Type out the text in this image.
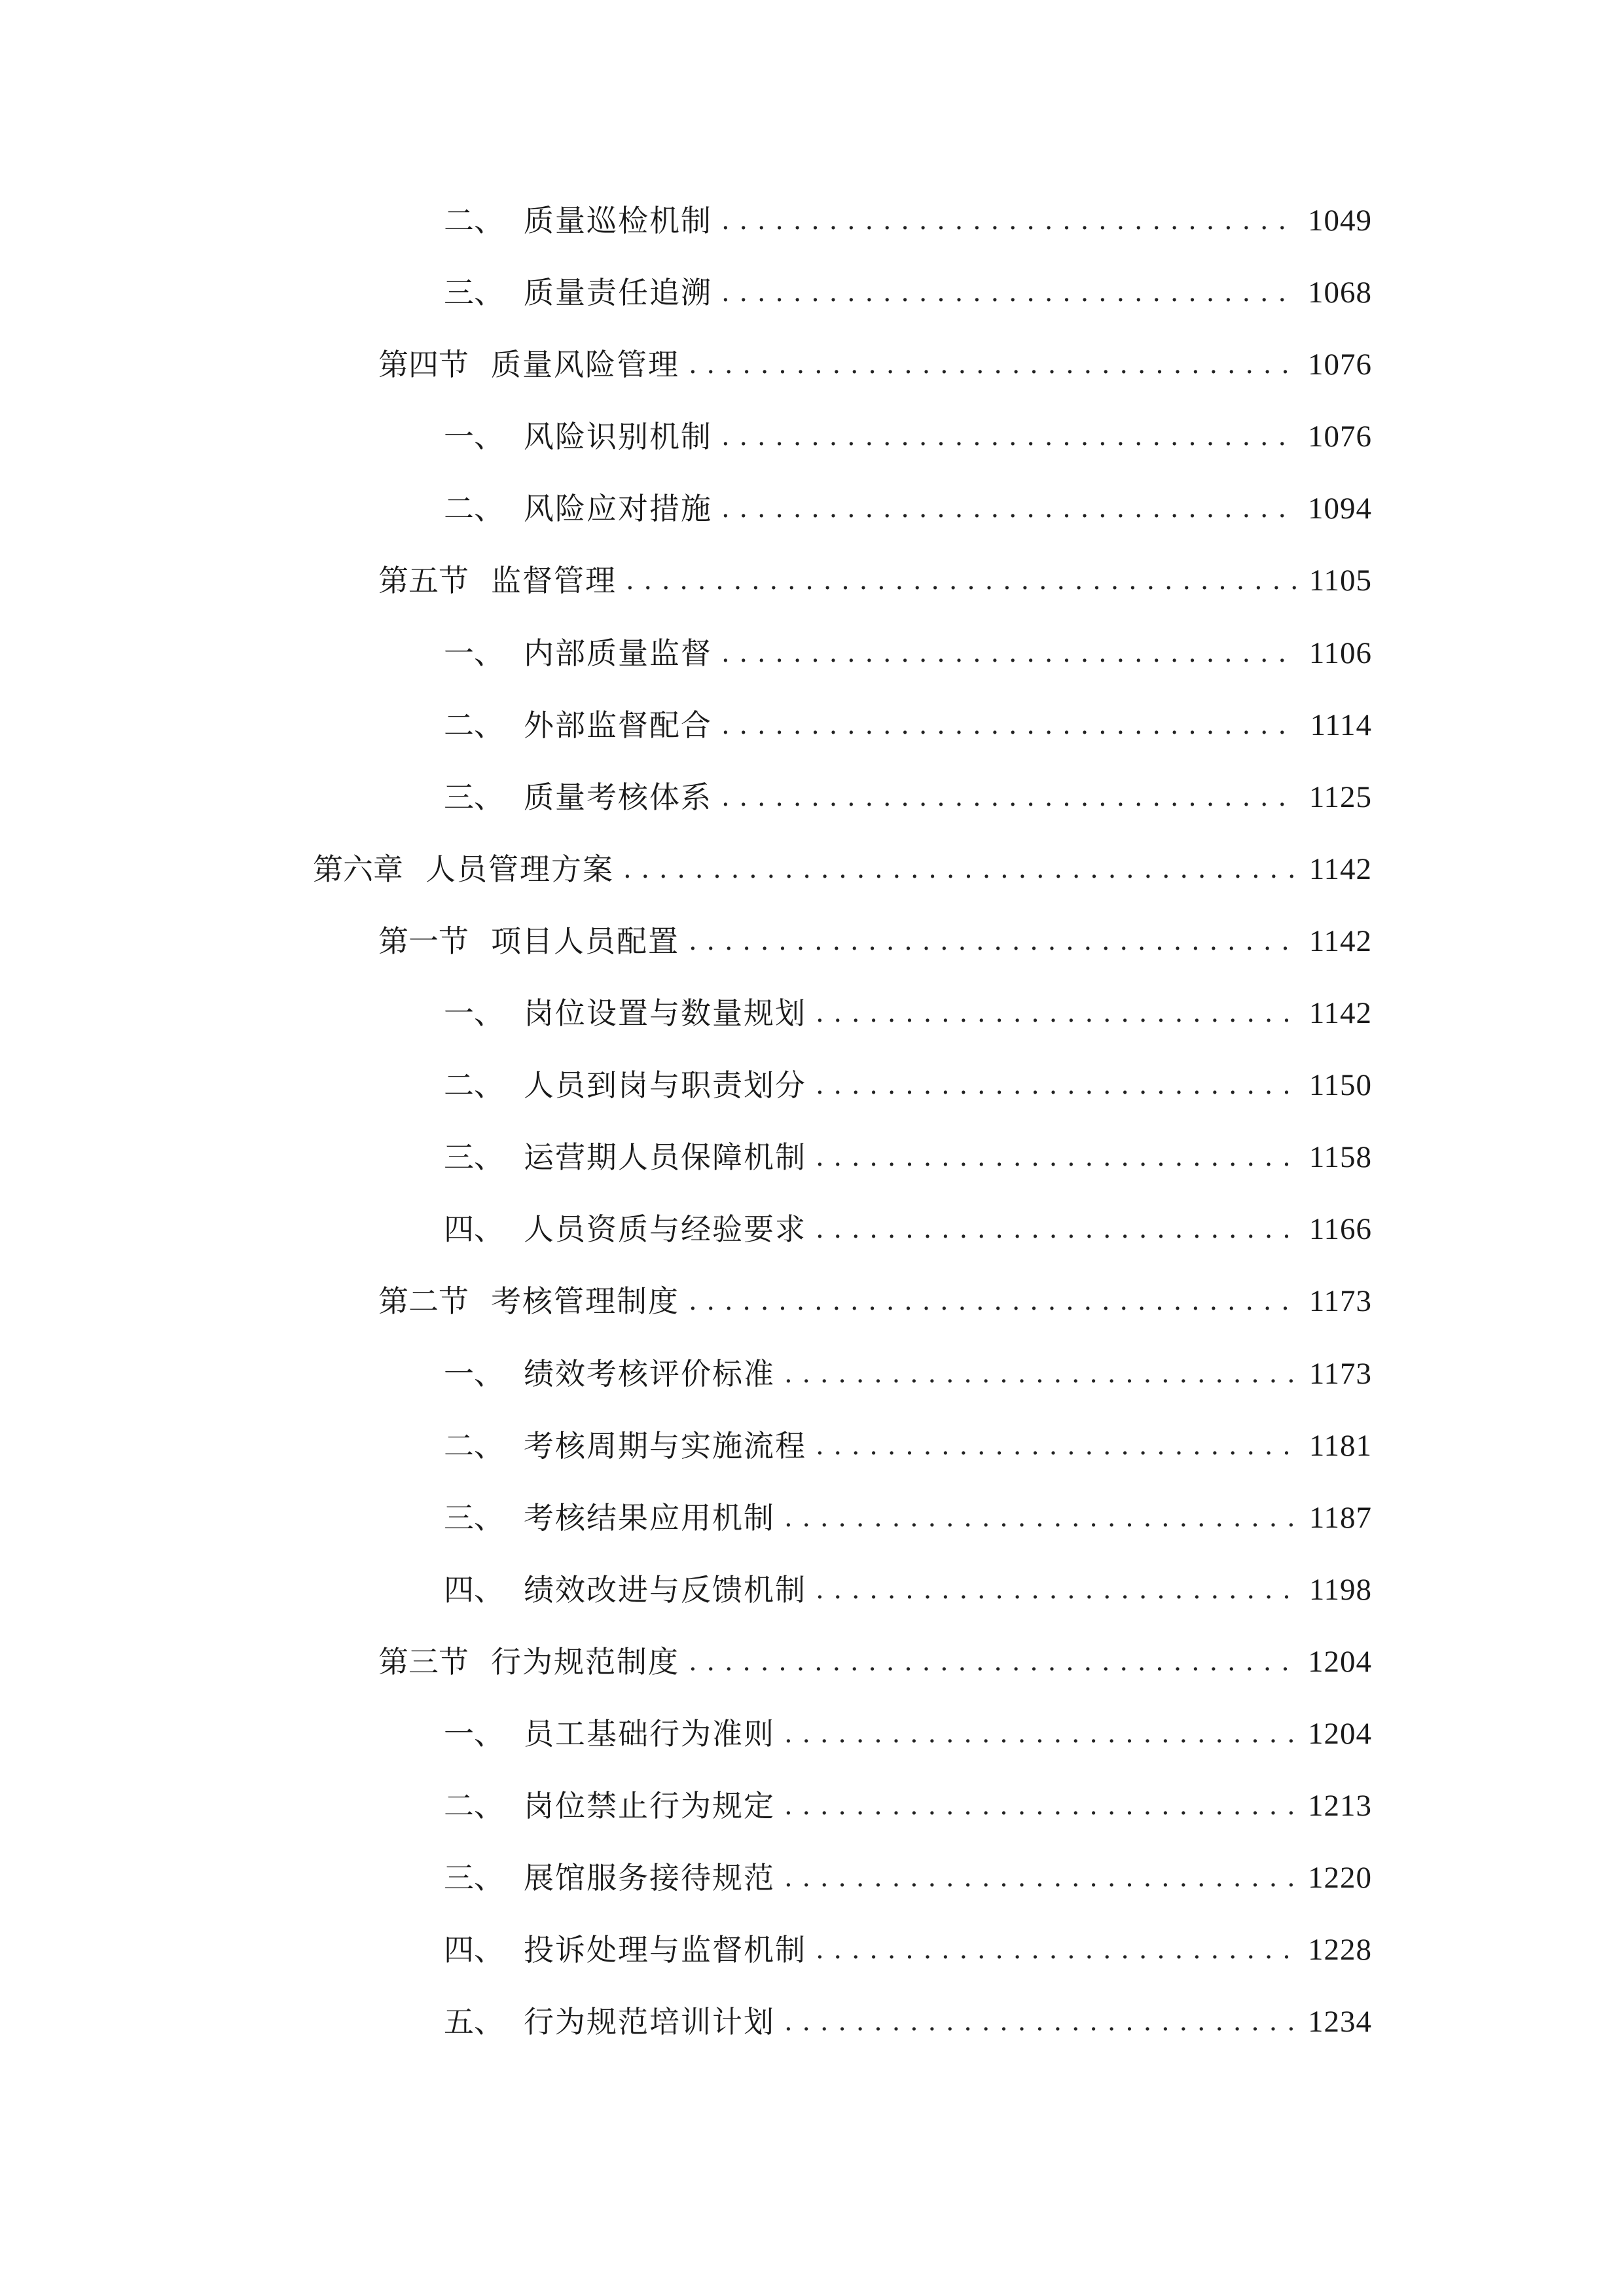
二、 质量巡检机制 . . .	1049
三、 质量责任追溯 . . .	1068
第四节 质量风险管理 . . .	1076
一、 风险识别机制 . . .	1076
二、 风险应对措施 . . .	1094
第五节 监督管理 . . .	1105
一、 内部质量监督 . . .	1106
二、 外部监督配合 . . .	1114
三、 质量考核体系 . . .	1125
第六章 人员管理方案 . . .	1142
第一节 项目人员配置 . . .	1142
一、 岗位设置与数量规划 . . .	1142
二、 人员到岗与职责划分 . . .	1150
三、 运营期人员保障机制 . . .	1158
四、 人员资质与经验要求 . . .	1166
第二节 考核管理制度 . . .	1173
一、 绩效考核评价标准 . . .	1173
二、 考核周期与实施流程 . . .	1181
三、 考核结果应用机制 . . .	1187
四、 绩效改进与反馈机制 . . .	1198
第三节 行为规范制度 . . .	1204
一、 员工基础行为准则 . . .	1204
二、 岗位禁止行为规定 . . .	1213
三、 展馆服务接待规范 . . .	1220
四、 投诉处理与监督机制 . . .	1228
五、 行为规范培训计划 . . .	1234
